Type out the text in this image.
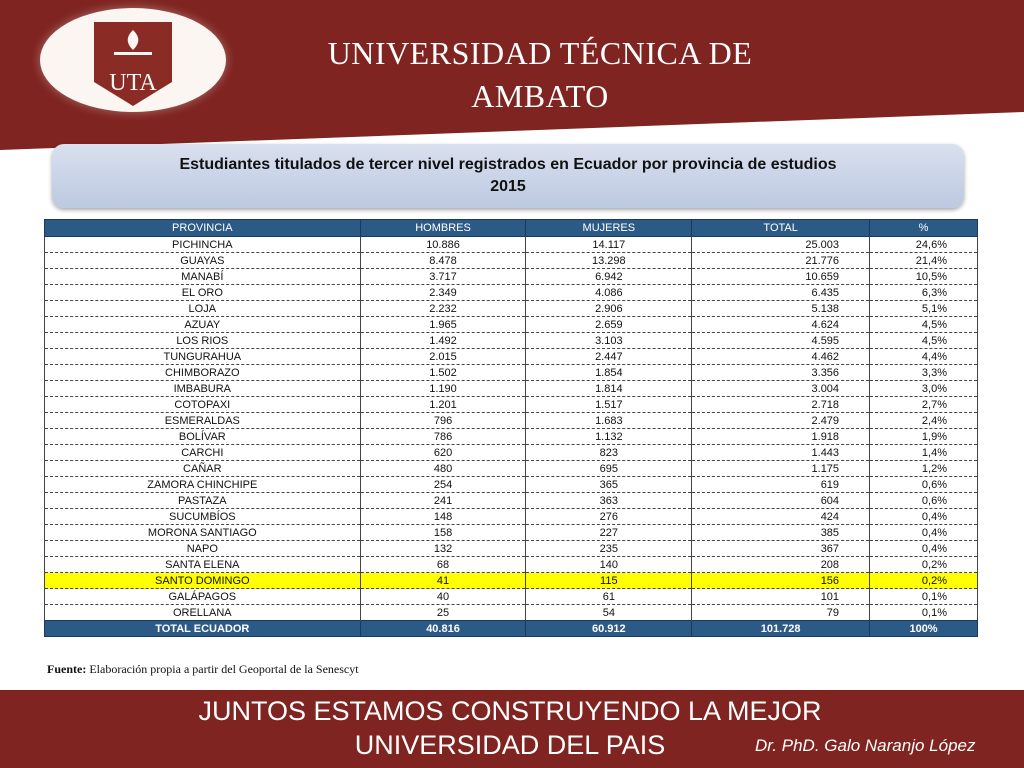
UTA
UNIVERSIDAD TÉCNICA DE
AMBATO
Estudiantes titulados de tercer nivel registrados en Ecuador por provincia de estudios
2015
PROVINCIA	HOMBRES	MUJERES	TOTAL	%
PICHINCHA	10.886	14.117	25.003	24,6%
GUAYAS	8.478	13.298	21.776	21,4%
MANABÍ	3.717	6.942	10.659	10,5%
EL ORO	2.349	4.086	6.435	6,3%
LOJA	2.232	2.906	5.138	5,1%
AZUAY	1.965	2.659	4.624	4,5%
LOS RIOS	1.492	3.103	4.595	4,5%
TUNGURAHUA	2.015	2.447	4.462	4,4%
CHIMBORAZO	1.502	1.854	3.356	3,3%
IMBABURA	1.190	1.814	3.004	3,0%
COTOPAXI	1.201	1.517	2.718	2,7%
ESMERALDAS	796	1.683	2.479	2,4%
BOLÍVAR	786	1.132	1.918	1,9%
CARCHI	620	823	1.443	1,4%
CAÑAR	480	695	1.175	1,2%
ZAMORA CHINCHIPE	254	365	619	0,6%
PASTAZA	241	363	604	0,6%
SUCUMBÍOS	148	276	424	0,4%
MORONA SANTIAGO	158	227	385	0,4%
NAPO	132	235	367	0,4%
SANTA ELENA	68	140	208	0,2%
SANTO DOMINGO	41	115	156	0,2%
GALÁPAGOS	40	61	101	0,1%
ORELLANA	25	54	79	0,1%
TOTAL ECUADOR	40.816	60.912	101.728	100%
Fuente: Elaboración propia a partir del Geoportal de la Senescyt
JUNTOS ESTAMOS CONSTRUYENDO LA MEJOR
UNIVERSIDAD DEL PAIS	Dr. PhD. Galo Naranjo López
